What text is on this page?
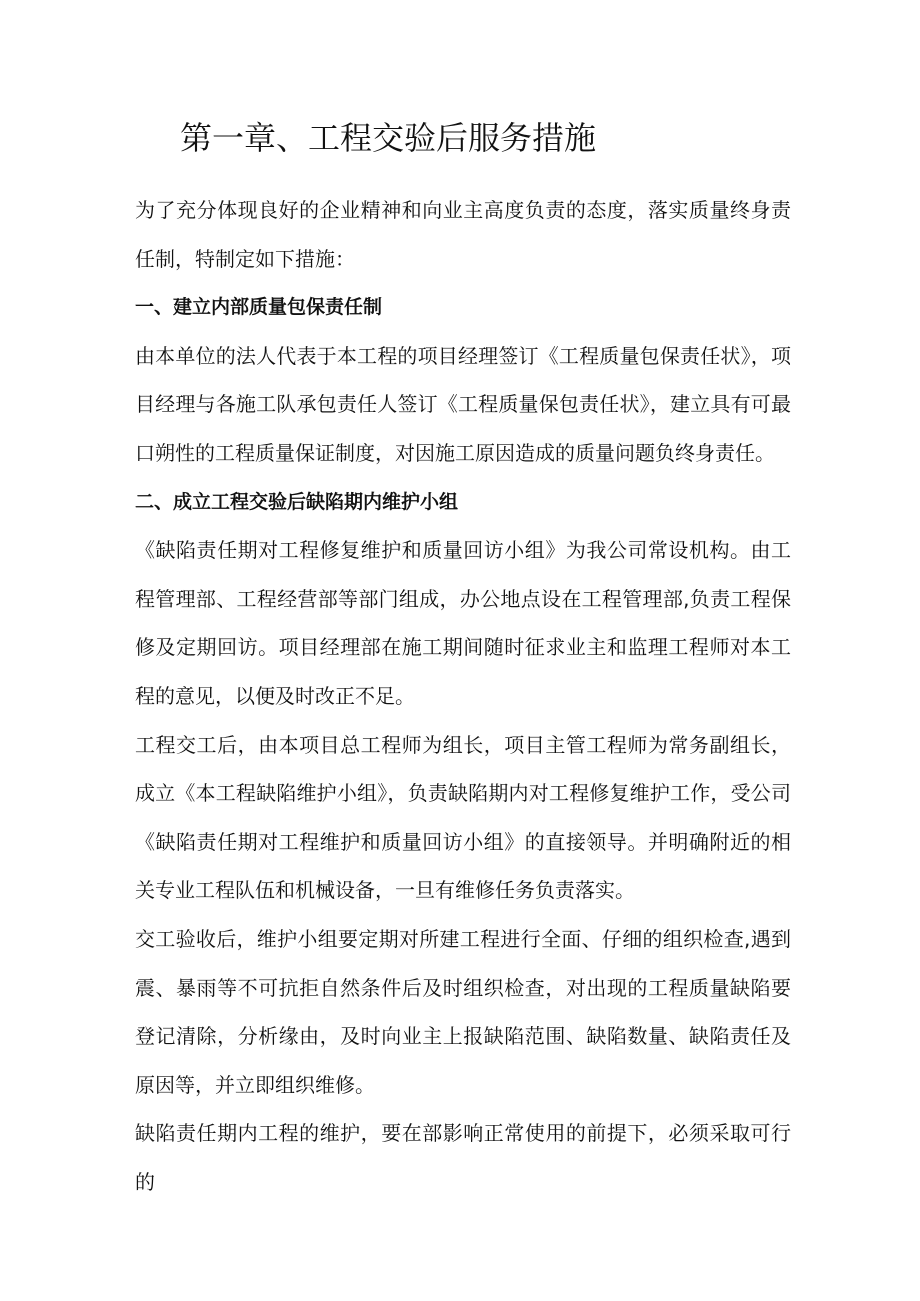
第一章、工程交验后服务措施

为了充分体现良好的企业精神和向业主高度负责的态度，落实质量终身责任制，特制定如下措施：

一、建立内部质量包保责任制

由本单位的法人代表于本工程的项目经理签订《工程质量包保责任状》，项目经理与各施工队承包责任人签订《工程质量保包责任状》，建立具有可最口朔性的工程质量保证制度，对因施工原因造成的质量问题负终身责任。

二、成立工程交验后缺陷期内维护小组

《缺陷责任期对工程修复维护和质量回访小组》为我公司常设机构。由工程管理部、工程经营部等部门组成，办公地点设在工程管理部,负责工程保修及定期回访。项目经理部在施工期间随时征求业主和监理工程师对本工程的意见，以便及时改正不足。

工程交工后，由本项目总工程师为组长，项目主管工程师为常务副组长，成立《本工程缺陷维护小组》，负责缺陷期内对工程修复维护工作，受公司《缺陷责任期对工程维护和质量回访小组》的直接领导。并明确附近的相关专业工程队伍和机械设备，一旦有维修任务负责落实。

交工验收后，维护小组要定期对所建工程进行全面、仔细的组织检查,遇到震、暴雨等不可抗拒自然条件后及时组织检查，对出现的工程质量缺陷要登记清除，分析缘由，及时向业主上报缺陷范围、缺陷数量、缺陷责任及原因等，并立即组织维修。

缺陷责任期内工程的维护，要在部影响正常使用的前提下，必须采取可行的
